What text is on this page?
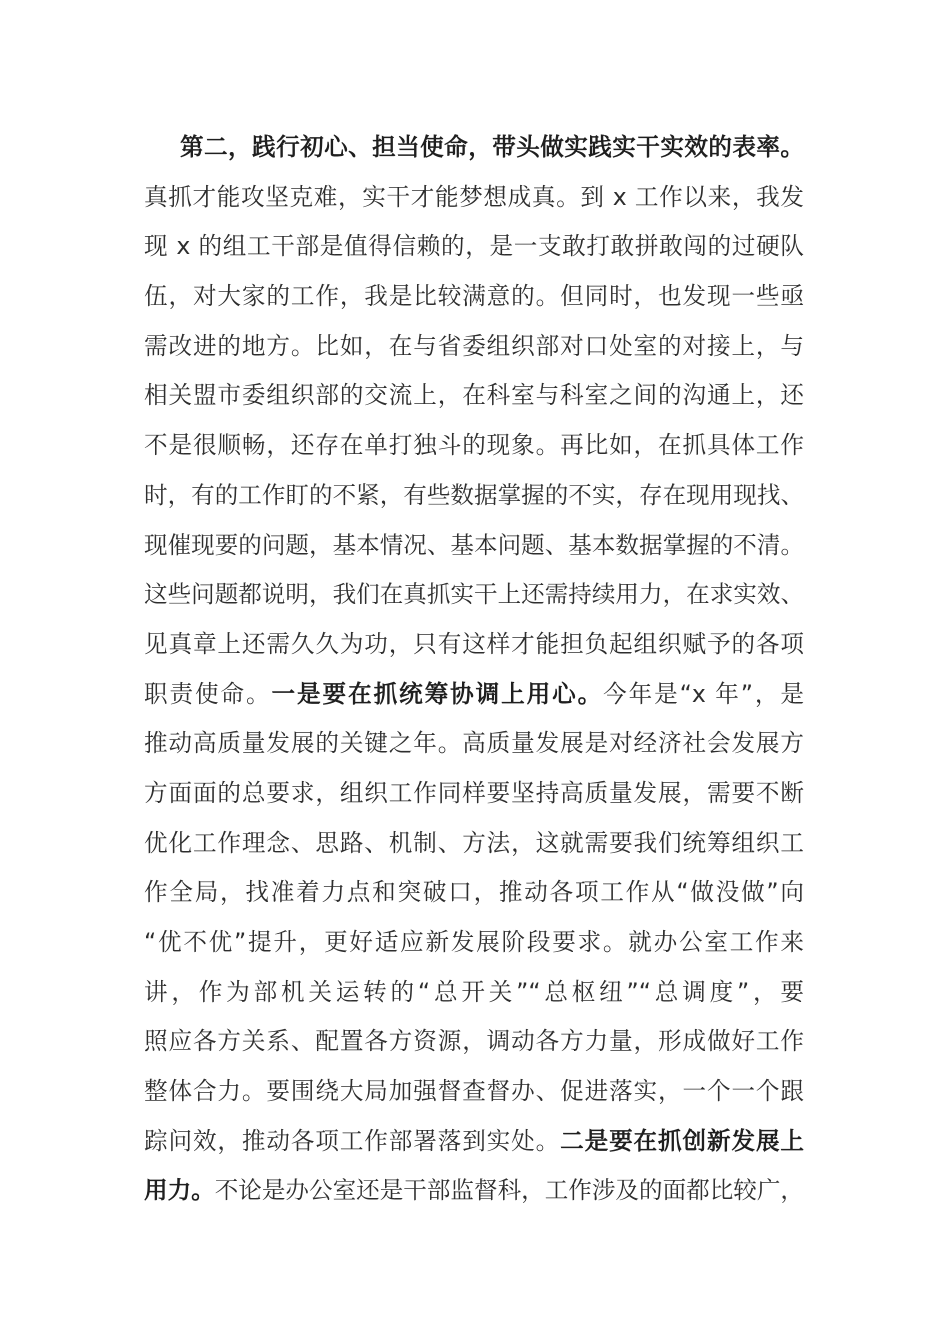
第二，践行初心、担当使命，带头做实践实干实效的表率。
真抓才能攻坚克难，实干才能梦想成真。到 x 工作以来，我发
现 x 的组工干部是值得信赖的，是一支敢打敢拼敢闯的过硬队
伍，对大家的工作，我是比较满意的。但同时，也发现一些亟
需改进的地方。比如，在与省委组织部对口处室的对接上，与
相关盟市委组织部的交流上，在科室与科室之间的沟通上，还
不是很顺畅，还存在单打独斗的现象。再比如，在抓具体工作
时，有的工作盯的不紧，有些数据掌握的不实，存在现用现找、
现催现要的问题，基本情况、基本问题、基本数据掌握的不清。
这些问题都说明，我们在真抓实干上还需持续用力，在求实效、
见真章上还需久久为功，只有这样才能担负起组织赋予的各项
职责使命。一是要在抓统筹协调上用心。今年是“x 年”，是
推动高质量发展的关键之年。高质量发展是对经济社会发展方
方面面的总要求，组织工作同样要坚持高质量发展，需要不断
优化工作理念、思路、机制、方法，这就需要我们统筹组织工
作全局，找准着力点和突破口，推动各项工作从“做没做”向
“优不优”提升，更好适应新发展阶段要求。就办公室工作来
讲，作为部机关运转的“总开关”“总枢纽”“总调度”，要
照应各方关系、配置各方资源，调动各方力量，形成做好工作
整体合力。要围绕大局加强督查督办、促进落实，一个一个跟
踪问效，推动各项工作部署落到实处。二是要在抓创新发展上
用力。不论是办公室还是干部监督科，工作涉及的面都比较广，
